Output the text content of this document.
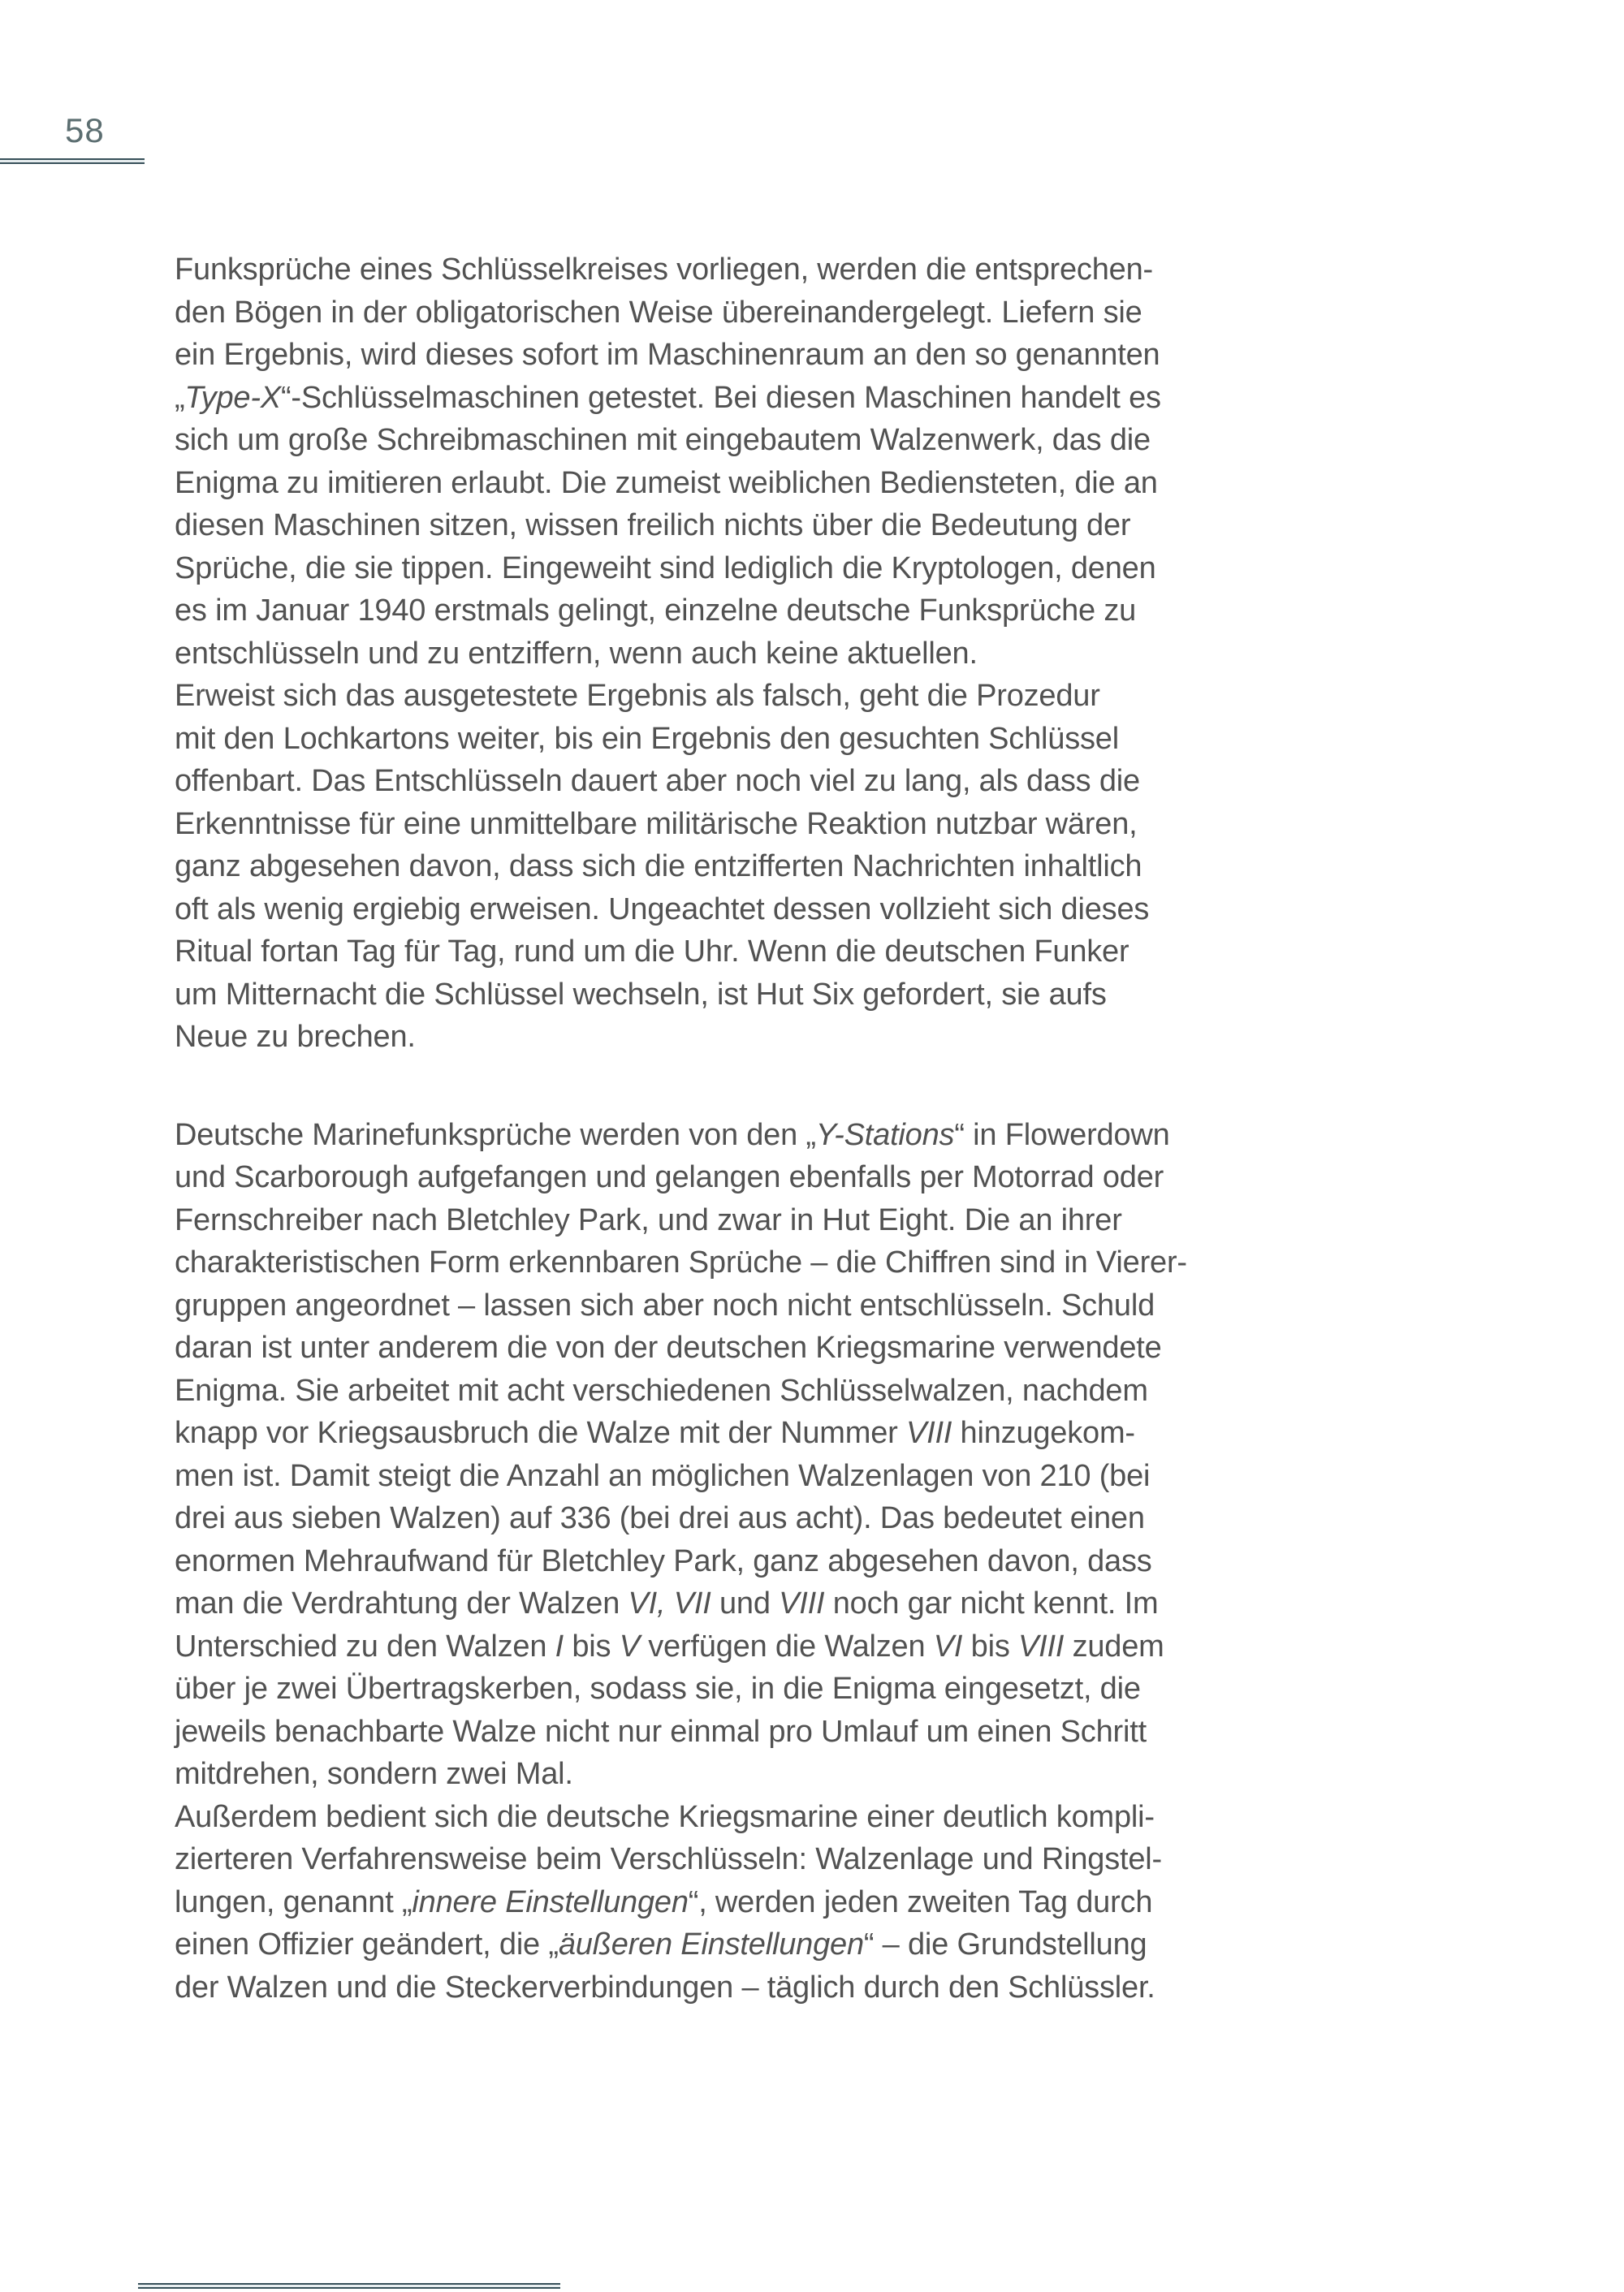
58
Funksprüche eines Schlüsselkreises vorliegen, werden die entsprechen-
den Bögen in der obligatorischen Weise übereinandergelegt. Liefern sie
ein Ergebnis, wird dieses sofort im Maschinenraum an den so genannten
„Type-X“-Schlüsselmaschinen getestet. Bei diesen Maschinen handelt es
sich um große Schreibmaschinen mit eingebautem Walzenwerk, das die
Enigma zu imitieren erlaubt. Die zumeist weiblichen Bediensteten, die an
diesen Maschinen sitzen, wissen freilich nichts über die Bedeutung der
Sprüche, die sie tippen. Eingeweiht sind lediglich die Kryptologen, denen
es im Januar 1940 erstmals gelingt, einzelne deutsche Funksprüche zu
entschlüsseln und zu entziffern, wenn auch keine aktuellen.
Erweist sich das ausgetestete Ergebnis als falsch, geht die Prozedur
mit den Lochkartons weiter, bis ein Ergebnis den gesuchten Schlüssel
offenbart. Das Entschlüsseln dauert aber noch viel zu lang, als dass die
Erkenntnisse für eine unmittelbare militärische Reaktion nutzbar wären,
ganz abgesehen davon, dass sich die entzifferten Nachrichten inhaltlich
oft als wenig ergiebig erweisen. Ungeachtet dessen vollzieht sich dieses
Ritual fortan Tag für Tag, rund um die Uhr. Wenn die deutschen Funker
um Mitternacht die Schlüssel wechseln, ist Hut Six gefordert, sie aufs
Neue zu brechen.
Deutsche Marinefunksprüche werden von den „Y-Stations“ in Flowerdown
und Scarborough aufgefangen und gelangen ebenfalls per Motorrad oder
Fernschreiber nach Bletchley Park, und zwar in Hut Eight. Die an ihrer
charakteristischen Form erkennbaren Sprüche – die Chiffren sind in Vierer-
gruppen angeordnet – lassen sich aber noch nicht entschlüsseln. Schuld
daran ist unter anderem die von der deutschen Kriegsmarine verwendete
Enigma. Sie arbeitet mit acht verschiedenen Schlüsselwalzen, nachdem
knapp vor Kriegsausbruch die Walze mit der Nummer VIII hinzugekom-
men ist. Damit steigt die Anzahl an möglichen Walzenlagen von 210 (bei
drei aus sieben Walzen) auf 336 (bei drei aus acht). Das bedeutet einen
enormen Mehraufwand für Bletchley Park, ganz abgesehen davon, dass
man die Verdrahtung der Walzen VI, VII und VIII noch gar nicht kennt. Im
Unterschied zu den Walzen I bis V verfügen die Walzen VI bis VIII zudem
über je zwei Übertragskerben, sodass sie, in die Enigma eingesetzt, die
jeweils benachbarte Walze nicht nur einmal pro Umlauf um einen Schritt
mitdrehen, sondern zwei Mal.
Außerdem bedient sich die deutsche Kriegsmarine einer deutlich kompli-
zierteren Verfahrensweise beim Verschlüsseln: Walzenlage und Ringstel-
lungen, genannt „innere Einstellungen“, werden jeden zweiten Tag durch
einen Offizier geändert, die „äußeren Einstellungen“ – die Grundstellung
der Walzen und die Steckerverbindungen – täglich durch den Schlüssler.
